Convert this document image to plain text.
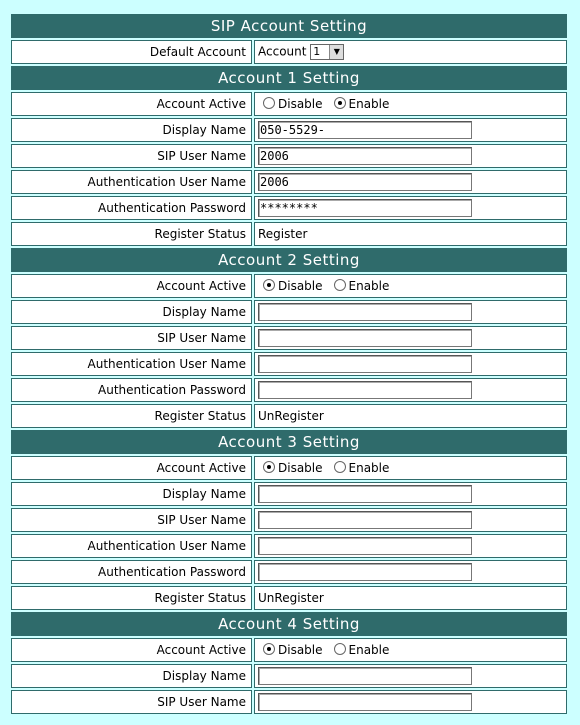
SIP Account Setting	
Default Account	Account 1 ▼

Account 1 Setting	
Account Active	Disable Enable
Display Name	050-5529-
SIP User Name	2006
Authentication User Name	2006
Authentication Password	********
Register Status	Register
Account 2 Setting	
Account Active	Disable Enable
Display Name	
SIP User Name	
Authentication User Name	
Authentication Password	
Register Status	UnRegister
Account 3 Setting	
Account Active	Disable Enable
Display Name	
SIP User Name	
Authentication User Name	
Authentication Password	
Register Status	UnRegister
Account 4 Setting	
Account Active	Disable Enable
Display Name	
SIP User Name	
